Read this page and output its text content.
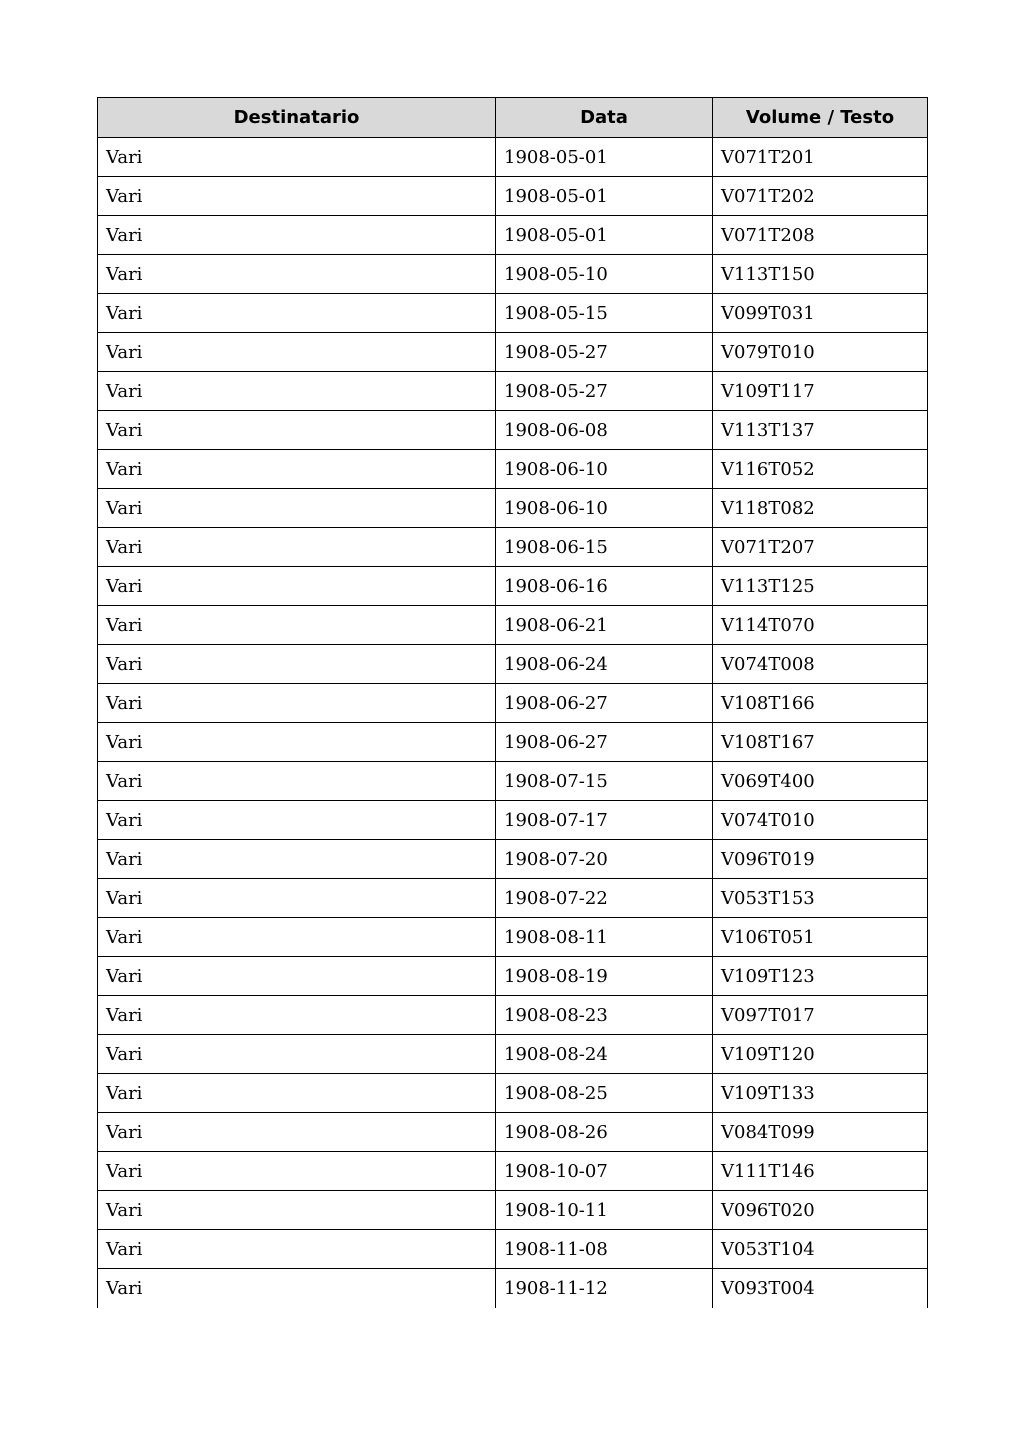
Destinatario	Data	Volume / Testo
Vari	1908-05-01	V071T201
Vari	1908-05-01	V071T202
Vari	1908-05-01	V071T208
Vari	1908-05-10	V113T150
Vari	1908-05-15	V099T031
Vari	1908-05-27	V079T010
Vari	1908-05-27	V109T117
Vari	1908-06-08	V113T137
Vari	1908-06-10	V116T052
Vari	1908-06-10	V118T082
Vari	1908-06-15	V071T207
Vari	1908-06-16	V113T125
Vari	1908-06-21	V114T070
Vari	1908-06-24	V074T008
Vari	1908-06-27	V108T166
Vari	1908-06-27	V108T167
Vari	1908-07-15	V069T400
Vari	1908-07-17	V074T010
Vari	1908-07-20	V096T019
Vari	1908-07-22	V053T153
Vari	1908-08-11	V106T051
Vari	1908-08-19	V109T123
Vari	1908-08-23	V097T017
Vari	1908-08-24	V109T120
Vari	1908-08-25	V109T133
Vari	1908-08-26	V084T099
Vari	1908-10-07	V111T146
Vari	1908-10-11	V096T020
Vari	1908-11-08	V053T104
Vari	1908-11-12	V093T004
